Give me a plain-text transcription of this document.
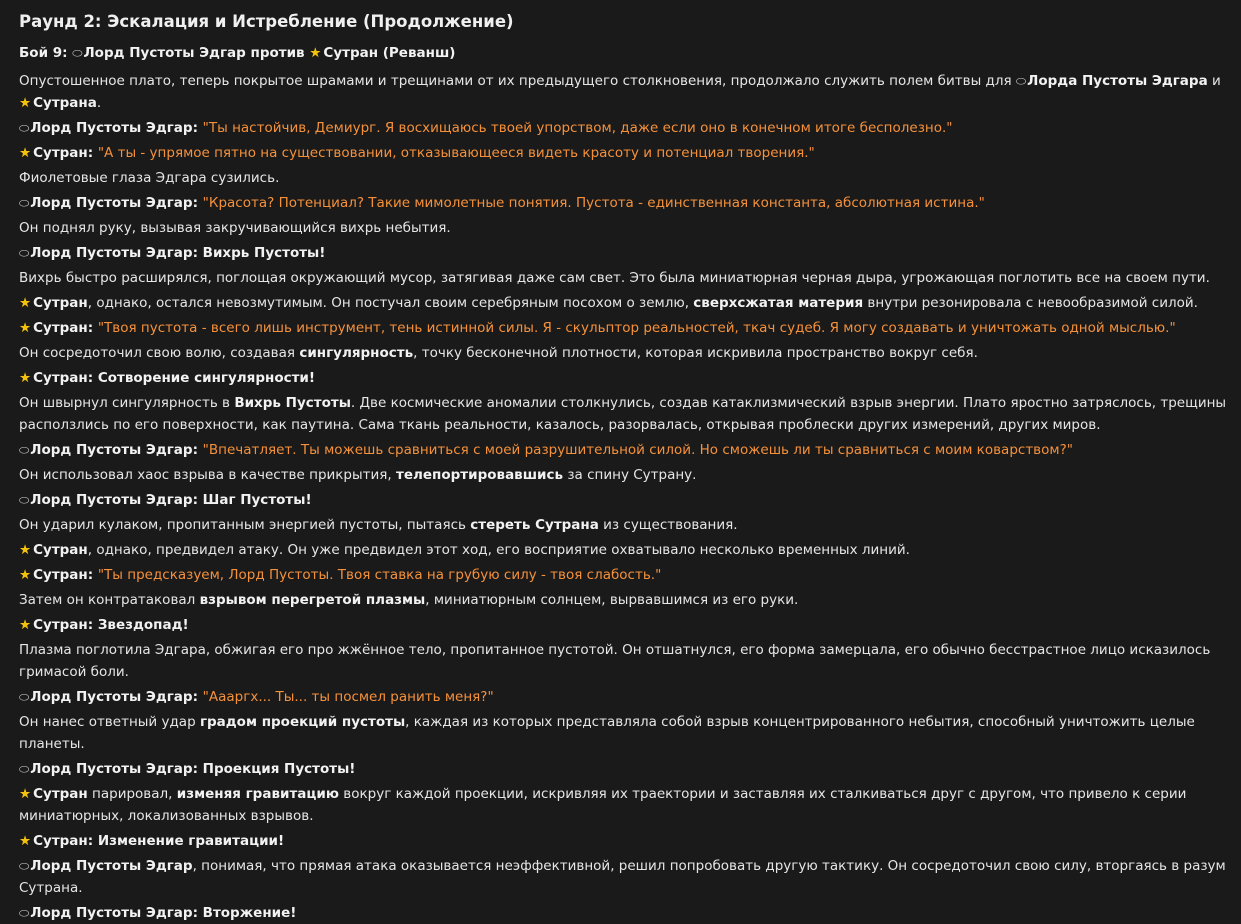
Раунд 2: Эскалация и Истребление (Продолжение)
Бой 9: ⬭Лорд Пустоты Эдгар против ★ Сутран (Реванш)
Опустошенное плато, теперь покрытое шрамами и трещинами от их предыдущего столкновения, продолжало служить полем битвы для ⬭Лорда Пустоты Эдгара и ★ Сутрана.
⬭Лорд Пустоты Эдгар: "Ты настойчив, Демиург. Я восхищаюсь твоей упорством, даже если оно в конечном итоге бесполезно."
★ Сутран: "А ты - упрямое пятно на существовании, отказывающееся видеть красоту и потенциал творения."
Фиолетовые глаза Эдгара сузились.
⬭Лорд Пустоты Эдгар: "Красота? Потенциал? Такие мимолетные понятия. Пустота - единственная константа, абсолютная истина."
Он поднял руку, вызывая закручивающийся вихрь небытия.
⬭Лорд Пустоты Эдгар: Вихрь Пустоты!
Вихрь быстро расширялся, поглощая окружающий мусор, затягивая даже сам свет. Это была миниатюрная черная дыра, угрожающая поглотить все на своем пути.
★ Сутран, однако, остался невозмутимым. Он постучал своим серебряным посохом о землю, сверхсжатая материя внутри резонировала с невообразимой силой.
★ Сутран: "Твоя пустота - всего лишь инструмент, тень истинной силы. Я - скульптор реальностей, ткач судеб. Я могу создавать и уничтожать одной мыслью."
Он сосредоточил свою волю, создавая сингулярность, точку бесконечной плотности, которая искривила пространство вокруг себя.
★ Сутран: Сотворение сингулярности!
Он швырнул сингулярность в Вихрь Пустоты. Две космические аномалии столкнулись, создав катаклизмический взрыв энергии. Плато яростно затряслось, трещины расползлись по его поверхности, как паутина. Сама ткань реальности, казалось, разорвалась, открывая проблески других измерений, других миров.
⬭Лорд Пустоты Эдгар: "Впечатляет. Ты можешь сравниться с моей разрушительной силой. Но сможешь ли ты сравниться с моим коварством?"
Он использовал хаос взрыва в качестве прикрытия, телепортировавшись за спину Сутрану.
⬭Лорд Пустоты Эдгар: Шаг Пустоты!
Он ударил кулаком, пропитанным энергией пустоты, пытаясь стереть Сутрана из существования.
★ Сутран, однако, предвидел атаку. Он уже предвидел этот ход, его восприятие охватывало несколько временных линий.
★ Сутран: "Ты предсказуем, Лорд Пустоты. Твоя ставка на грубую силу - твоя слабость."
Затем он контратаковал взрывом перегретой плазмы, миниатюрным солнцем, вырвавшимся из его руки.
★ Сутран: Звездопад!
Плазма поглотила Эдгара, обжигая его про жжённое тело, пропитанное пустотой. Он отшатнулся, его форма замерцала, его обычно бесстрастное лицо исказилось гримасой боли.
⬭Лорд Пустоты Эдгар: "Аааргх... Ты... ты посмел ранить меня?"
Он нанес ответный удар градом проекций пустоты, каждая из которых представляла собой взрыв концентрированного небытия, способный уничтожить целые планеты.
⬭Лорд Пустоты Эдгар: Проекция Пустоты!
★ Сутран парировал, изменяя гравитацию вокруг каждой проекции, искривляя их траектории и заставляя их сталкиваться друг с другом, что привело к серии миниатюрных, локализованных взрывов.
★ Сутран: Изменение гравитации!
⬭Лорд Пустоты Эдгар, понимая, что прямая атака оказывается неэффективной, решил попробовать другую тактику. Он сосредоточил свою силу, вторгаясь в разум Сутрана.
⬭Лорд Пустоты Эдгар: Вторжение!
